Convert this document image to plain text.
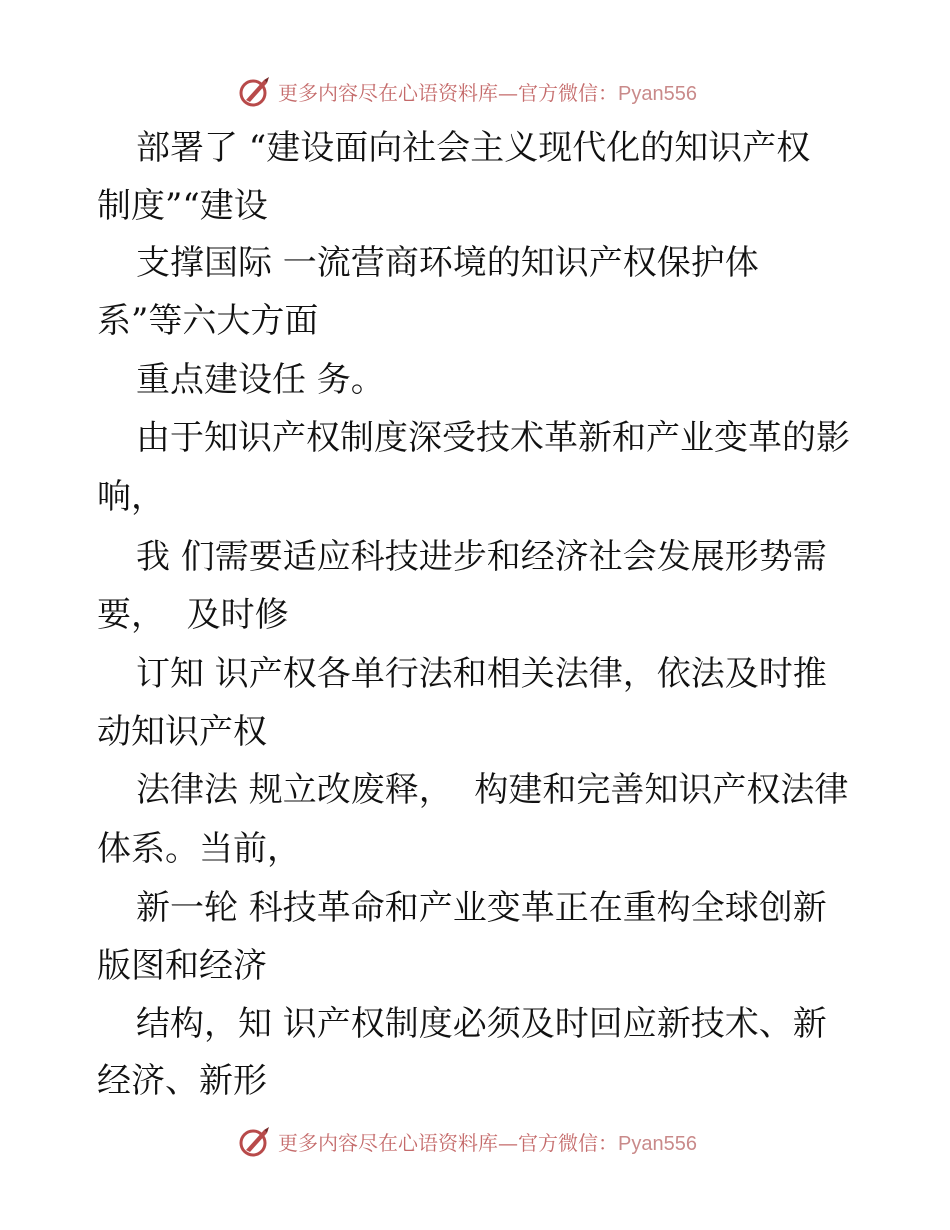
更多内容尽在心语资料库—官方微信：Pyan556
部署了 “建设面向社会主义现代化的知识产权
制度”“建设
支撑国际 一流营商环境的知识产权保护体
系”等六大方面
重点建设任 务。
由于知识产权制度深受技术革新和产业变革的影
响，
我 们需要适应科技进步和经济社会发展形势需
要，  及时修
订知 识产权各单行法和相关法律，依法及时推
动知识产权
法律法 规立改废释，  构建和完善知识产权法律
体系。当前，
新一轮 科技革命和产业变革正在重构全球创新
版图和经济
结构，知 识产权制度必须及时回应新技术、新
经济、新形
更多内容尽在心语资料库—官方微信：Pyan556
